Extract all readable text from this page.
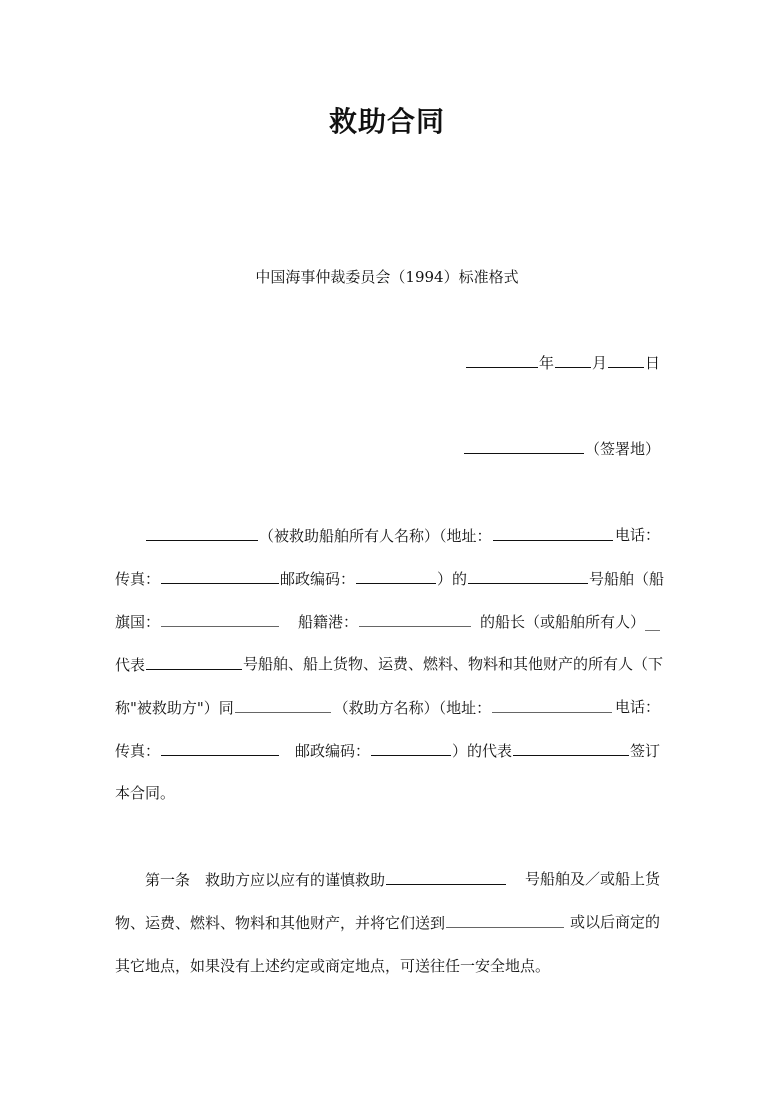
救助合同
中国海事仲裁委员会（1994）标准格式
年	月	日
（签署地）
（被救助船舶所有人名称）（地址：	电话：
传真：	邮政编码：	）的	号船舶（船
旗国：	船籍港：	的船长（或船舶所有人）__
代表	号船舶、船上货物、运费、燃料、物料和其他财产的所有人（下
称"被救助方"）同	（救助方名称）（地址：	电话：
传真：	邮政编码：	）的代表	签订
本合同。
第一条　救助方应以应有的谨慎救助	号船舶及／或船上货
物、运费、燃料、物料和其他财产，并将它们送到	或以后商定的
其它地点，如果没有上述约定或商定地点，可送往任一安全地点。
